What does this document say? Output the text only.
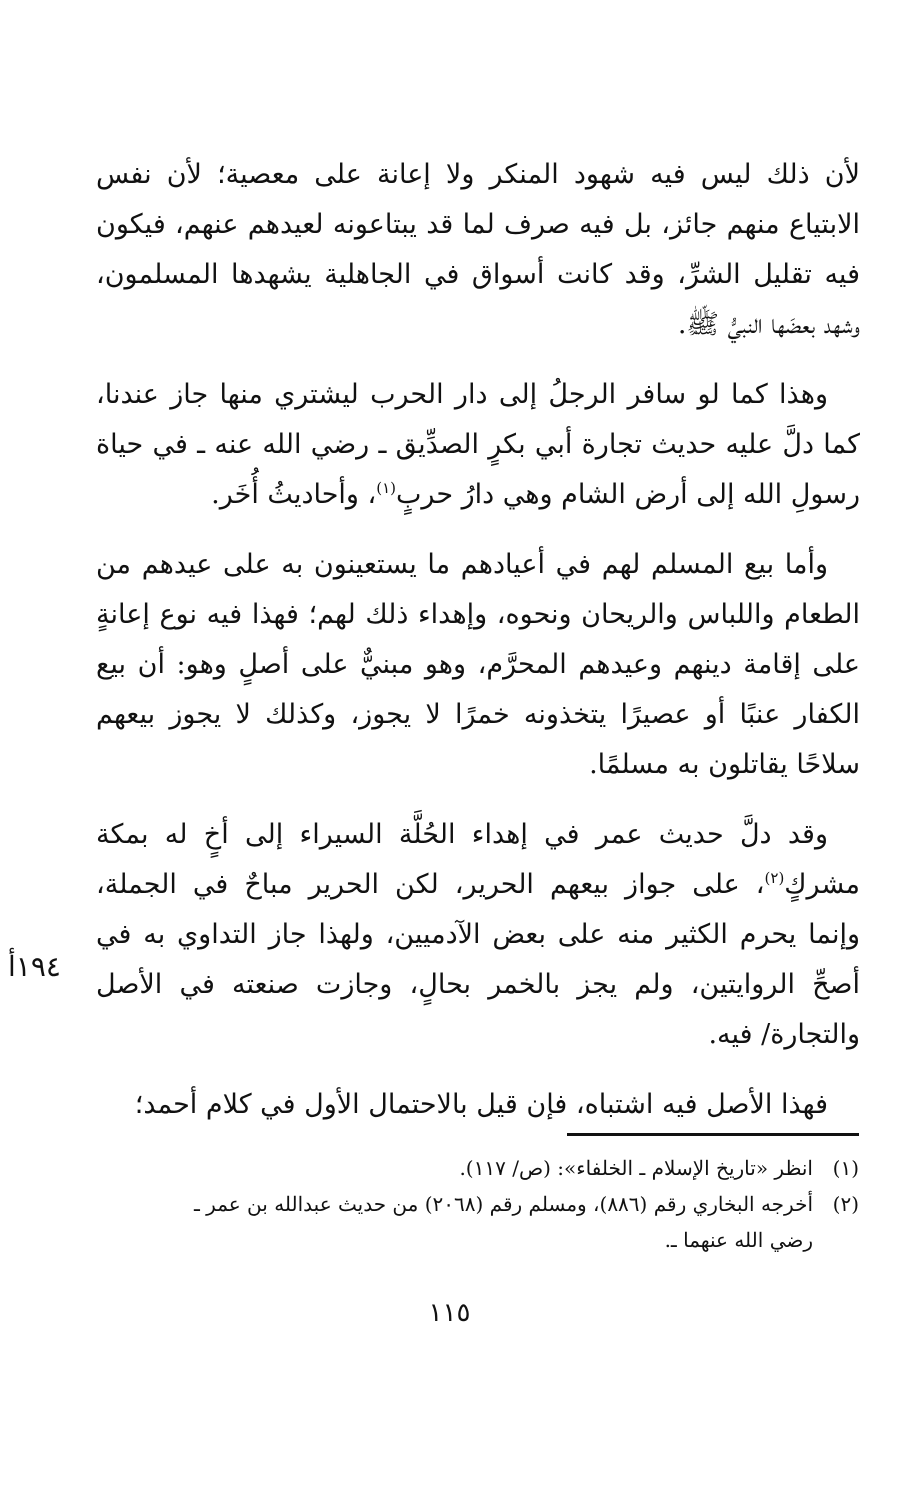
لأن ذلك ليس فيه شهود المنكر ولا إعانة على معصية؛ لأن نفس
الابتياع منهم جائز، بل فيه صرف لما قد يبتاعونه لعيدهم عنهم، فيكون
فيه تقليل الشرِّ، وقد كانت أسواق في الجاهلية يشهدها المسلمون،
وشهد بعضَها النبيُّ ﷺ.

وهذا كما لو سافر الرجلُ إلى دار الحرب ليشتري منها جاز عندنا،
كما دلَّ عليه حديث تجارة أبي بكرٍ الصدِّيق ـ رضي الله عنه ـ في حياة
رسولِ الله إلى أرض الشام وهي دارُ حربٍ$^{(١)}$، وأحاديثُ أُخَر.

وأما بيع المسلم لهم في أعيادهم ما يستعينون به على عيدهم من
الطعام واللباس والريحان ونحوه، وإهداء ذلك لهم؛ فهذا فيه نوع إعانةٍ
على إقامة دينهم وعيدهم المحرَّم، وهو مبنيٌّ على أصلٍ وهو: أن بيع
الكفار عنبًا أو عصيرًا يتخذونه خمرًا لا يجوز، وكذلك لا يجوز بيعهم
سلاحًا يقاتلون به مسلمًا.

وقد دلَّ حديث عمر في إهداء الحُلَّة السيراء إلى أخٍ له بمكة
مشركٍ$^{(٢)}$، على جواز بيعهم الحرير، لكن الحرير مباحٌ في الجملة،
وإنما يحرم الكثير منه على بعض الآدميين، ولهذا جاز التداوي به في
أصحِّ الروايتين، ولم يجز بالخمر بحالٍ، وجازت صنعته في الأصل
والتجارة/ فيه.

فهذا الأصل فيه اشتباه، فإن قيل بالاحتمال الأول في كلام أحمد؛

١٩٤أ
(١)
انظر «تاريخ الإسلام ـ الخلفاء»: (ص/ ١١٧).
(٢)
أخرجه البخاري رقم (٨٨٦)، ومسلم رقم (٢٠٦٨) من حديث عبدالله بن عمر ـ
رضي الله عنهما ـ.
١١٥
